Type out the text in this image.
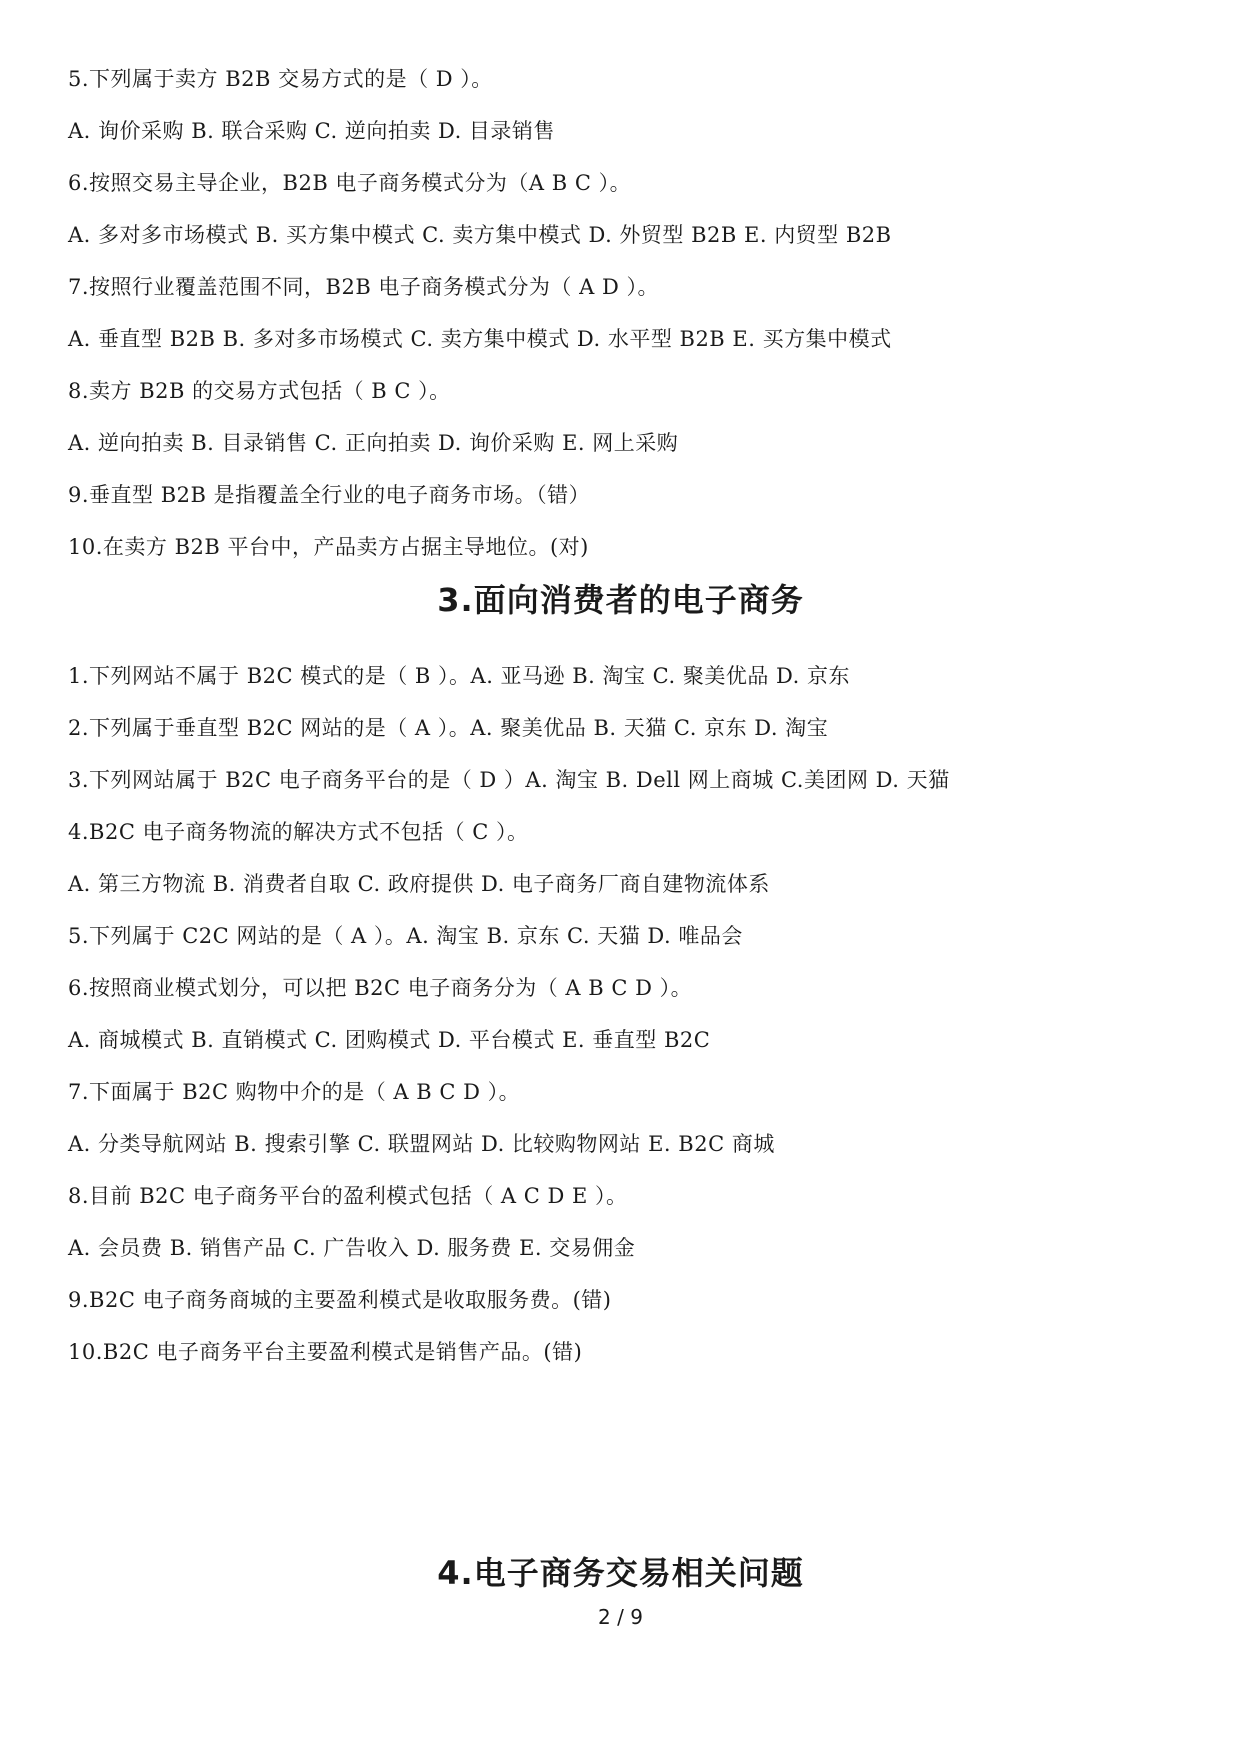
5.下列属于卖方 B2B 交易方式的是（ D ）。
A. 询价采购 B. 联合采购 C. 逆向拍卖 D. 目录销售
6.按照交易主导企业，B2B 电子商务模式分为（A B C ）。
A. 多对多市场模式 B. 买方集中模式 C. 卖方集中模式 D. 外贸型 B2B E. 内贸型 B2B
7.按照行业覆盖范围不同，B2B 电子商务模式分为（ A D ）。
A. 垂直型 B2B B. 多对多市场模式 C. 卖方集中模式 D. 水平型 B2B E. 买方集中模式
8.卖方 B2B 的交易方式包括（ B C ）。
A. 逆向拍卖 B. 目录销售 C. 正向拍卖 D. 询价采购 E. 网上采购
9.垂直型 B2B 是指覆盖全行业的电子商务市场。（错）
10.在卖方 B2B 平台中，产品卖方占据主导地位。(对)
3.面向消费者的电子商务
1.下列网站不属于 B2C 模式的是（ B ）。A. 亚马逊 B. 淘宝 C. 聚美优品 D. 京东
2.下列属于垂直型 B2C 网站的是（ A ）。A. 聚美优品 B. 天猫 C. 京东 D. 淘宝
3.下列网站属于 B2C 电子商务平台的是（ D ）A. 淘宝 B. Dell 网上商城 C.美团网 D. 天猫
4.B2C 电子商务物流的解决方式不包括（ C ）。
A. 第三方物流 B. 消费者自取 C. 政府提供 D. 电子商务厂商自建物流体系
5.下列属于 C2C 网站的是（ A ）。A. 淘宝 B. 京东 C. 天猫 D. 唯品会
6.按照商业模式划分，可以把 B2C 电子商务分为（ A B C D ）。
A. 商城模式 B. 直销模式 C. 团购模式 D. 平台模式 E. 垂直型 B2C
7.下面属于 B2C 购物中介的是（ A B C D ）。
A. 分类导航网站 B. 搜索引擎 C. 联盟网站 D. 比较购物网站 E. B2C 商城
8.目前 B2C 电子商务平台的盈利模式包括（ A C D E ）。
A. 会员费 B. 销售产品 C. 广告收入 D. 服务费 E. 交易佣金
9.B2C 电子商务商城的主要盈利模式是收取服务费。(错)
10.B2C 电子商务平台主要盈利模式是销售产品。(错)
4.电子商务交易相关问题
2 / 9
